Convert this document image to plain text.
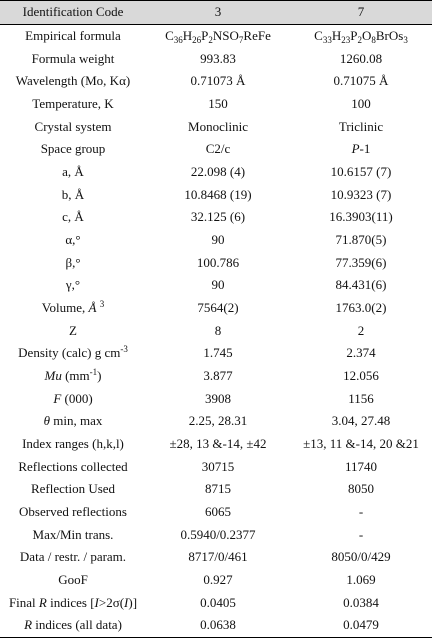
Identification Code	3	7
Empirical formula	$C_{36}H_{26}P_2NSO_7ReFe$	$C_{33}H_{23}P_2O_8BrOs_3$
Formula weight	993.83	1260.08
Wavelength (Mo, Kα)	0.71073 Å	0.71075 Å
Temperature, K	150	100
Crystal system	Monoclinic	Triclinic
Space group	C2/c	P-1
a, Å	22.098 (4)	10.6157 (7)
b, Å	10.8468 (19)	10.9323 (7)
c, Å	32.125 (6)	16.3903(11)
α,°	90	71.870(5)
β,°	100.786	77.359(6)
γ,°	90	84.431(6)
Volume, Å $^3$	7564(2)	1763.0(2)
Z	8	2
Density (calc) g $cm^{-3}$	1.745	2.374
Mu $(mm^{-1})$	3.877	12.056
F (000)	3908	1156
θ min, max	2.25, 28.31	3.04, 27.48
Index ranges (h,k,l)	±28, 13 &-14, ±42	±13, 11 &-14, 20 &21
Reflections collected	30715	11740
Reflection Used	8715	8050
Observed reflections	6065	-
Max/Min trans.	0.5940/0.2377	-
Data / restr. / param.	8717/0/461	8050/0/429
GooF	0.927	1.069
Final R indices [I>2σ(I)]	0.0405	0.0384
R indices (all data)	0.0638	0.0479
